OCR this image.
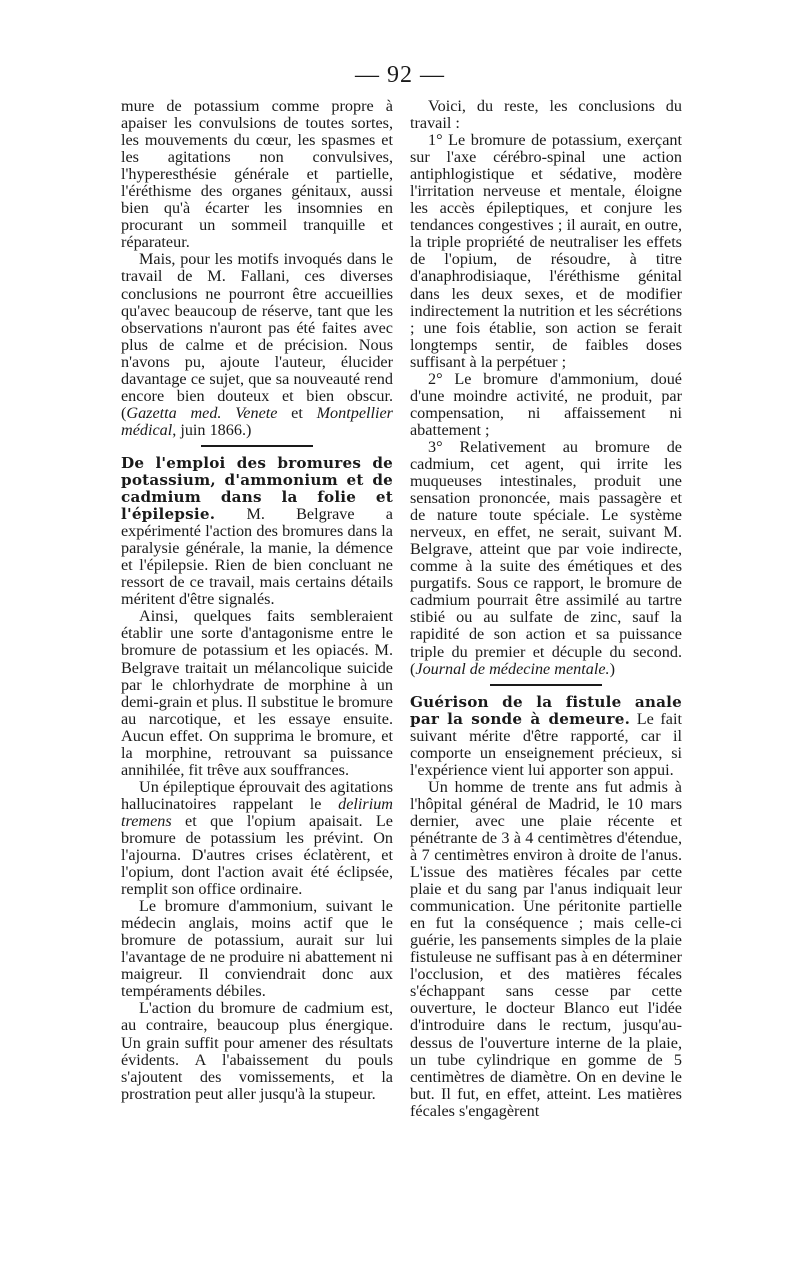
— 92 —

mure de potassium comme propre à apaiser les convulsions de toutes sortes, les mouvements du cœur, les spasmes et les agitations non convulsives, l'hyperesthésie générale et partielle, l'éréthisme des organes génitaux, aussi bien qu'à écarter les insomnies en procurant un sommeil tranquille et réparateur.

Mais, pour les motifs invoqués dans le travail de M. Fallani, ces diverses conclusions ne pourront être accueillies qu'avec beaucoup de réserve, tant que les observations n'auront pas été faites avec plus de calme et de précision. Nous n'avons pu, ajoute l'auteur, élucider davantage ce sujet, que sa nouveauté rend encore bien douteux et bien obscur. (Gazetta med. Venete et Montpellier médical, juin 1866.)

De l'emploi des bromures de potassium, d'ammonium et de cadmium dans la folie et l'épilepsie. M. Belgrave a expérimenté l'action des bromures dans la paralysie générale, la manie, la démence et l'épilepsie. Rien de bien concluant ne ressort de ce travail, mais certains détails méritent d'être signalés.

Ainsi, quelques faits sembleraient établir une sorte d'antagonisme entre le bromure de potassium et les opiacés. M. Belgrave traitait un mélancolique suicide par le chlorhydrate de morphine à un demi-grain et plus. Il substitue le bromure au narcotique, et les essaye ensuite. Aucun effet. On supprima le bromure, et la morphine, retrouvant sa puissance annihilée, fit trêve aux souffrances.

Un épileptique éprouvait des agitations hallucinatoires rappelant le delirium tremens et que l'opium apaisait. Le bromure de potassium les prévint. On l'ajourna. D'autres crises éclatèrent, et l'opium, dont l'action avait été éclipsée, remplit son office ordinaire.

Le bromure d'ammonium, suivant le médecin anglais, moins actif que le bromure de potassium, aurait sur lui l'avantage de ne produire ni abattement ni maigreur. Il conviendrait donc aux tempéraments débiles.

L'action du bromure de cadmium est, au contraire, beaucoup plus énergique. Un grain suffit pour amener des résultats évidents. A l'abaissement du pouls s'ajoutent des vomissements, et la prostration peut aller jusqu'à la stupeur.

Voici, du reste, les conclusions du travail :

1° Le bromure de potassium, exerçant sur l'axe cérébro-spinal une action antiphlogistique et sédative, modère l'irritation nerveuse et mentale, éloigne les accès épileptiques, et conjure les tendances congestives ; il aurait, en outre, la triple propriété de neutraliser les effets de l'opium, de résoudre, à titre d'anaphrodisiaque, l'éréthisme génital dans les deux sexes, et de modifier indirectement la nutrition et les sécrétions ; une fois établie, son action se ferait longtemps sentir, de faibles doses suffisant à la perpétuer ;

2° Le bromure d'ammonium, doué d'une moindre activité, ne produit, par compensation, ni affaissement ni abattement ;

3° Relativement au bromure de cadmium, cet agent, qui irrite les muqueuses intestinales, produit une sensation prononcée, mais passagère et de nature toute spéciale. Le système nerveux, en effet, ne serait, suivant M. Belgrave, atteint que par voie indirecte, comme à la suite des émétiques et des purgatifs. Sous ce rapport, le bromure de cadmium pourrait être assimilé au tartre stibié ou au sulfate de zinc, sauf la rapidité de son action et sa puissance triple du premier et décuple du second. (Journal de médecine mentale.)

Guérison de la fistule anale par la sonde à demeure. Le fait suivant mérite d'être rapporté, car il comporte un enseignement précieux, si l'expérience vient lui apporter son appui.

Un homme de trente ans fut admis à l'hôpital général de Madrid, le 10 mars dernier, avec une plaie récente et pénétrante de 3 à 4 centimètres d'étendue, à 7 centimètres environ à droite de l'anus. L'issue des matières fécales par cette plaie et du sang par l'anus indiquait leur communication. Une péritonite partielle en fut la conséquence ; mais celle-ci guérie, les pansements simples de la plaie fistuleuse ne suffisant pas à en déterminer l'occlusion, et des matières fécales s'échappant sans cesse par cette ouverture, le docteur Blanco eut l'idée d'introduire dans le rectum, jusqu'au-dessus de l'ouverture interne de la plaie, un tube cylindrique en gomme de 5 centimètres de diamètre. On en devine le but. Il fut, en effet, atteint. Les matières fécales s'engagèrent
